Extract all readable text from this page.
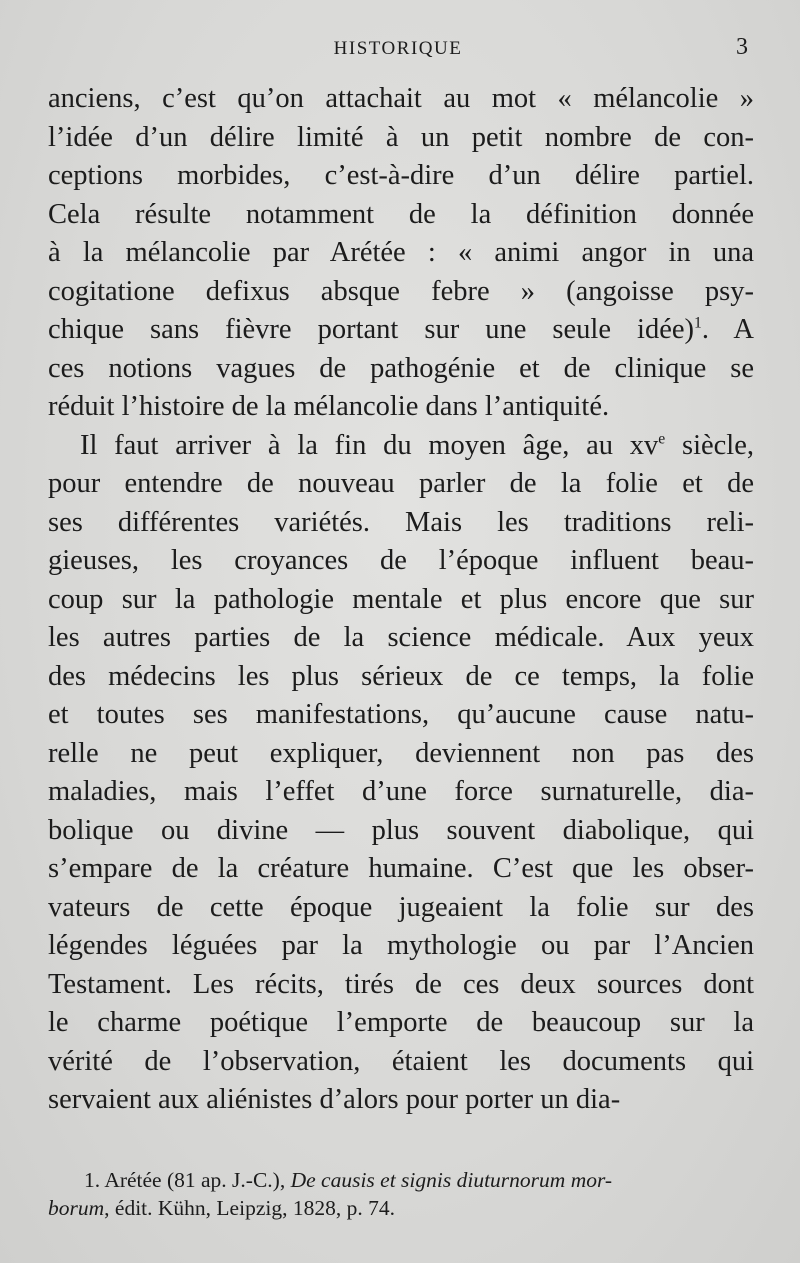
HISTORIQUE	3
anciens, c’est qu’on attachait au mot « mélancolie »
l’idée d’un délire limité à un petit nombre de con-
ceptions morbides, c’est-à-dire d’un délire partiel.
Cela résulte notamment de la définition donnée
à la mélancolie par Arétée : « animi angor in una
cogitatione defixus absque febre » (angoisse psy-
chique sans fièvre portant sur une seule idée)$^1$. A
ces notions vagues de pathogénie et de clinique se
réduit l’histoire de la mélancolie dans l’antiquité.
Il faut arriver à la fin du moyen âge, au $xv^e$ siècle,
pour entendre de nouveau parler de la folie et de
ses différentes variétés. Mais les traditions reli-
gieuses, les croyances de l’époque influent beau-
coup sur la pathologie mentale et plus encore que sur
les autres parties de la science médicale. Aux yeux
des médecins les plus sérieux de ce temps, la folie
et toutes ses manifestations, qu’aucune cause natu-
relle ne peut expliquer, deviennent non pas des
maladies, mais l’effet d’une force surnaturelle, dia-
bolique ou divine — plus souvent diabolique, qui
s’empare de la créature humaine. C’est que les obser-
vateurs de cette époque jugeaient la folie sur des
légendes léguées par la mythologie ou par l’Ancien
Testament. Les récits, tirés de ces deux sources dont
le charme poétique l’emporte de beaucoup sur la
vérité de l’observation, étaient les documents qui
servaient aux aliénistes d’alors pour porter un dia-
1. Arétée (81 ap. J.-C.), De causis et signis diuturnorum mor-
borum, édit. Kühn, Leipzig, 1828, p. 74.
